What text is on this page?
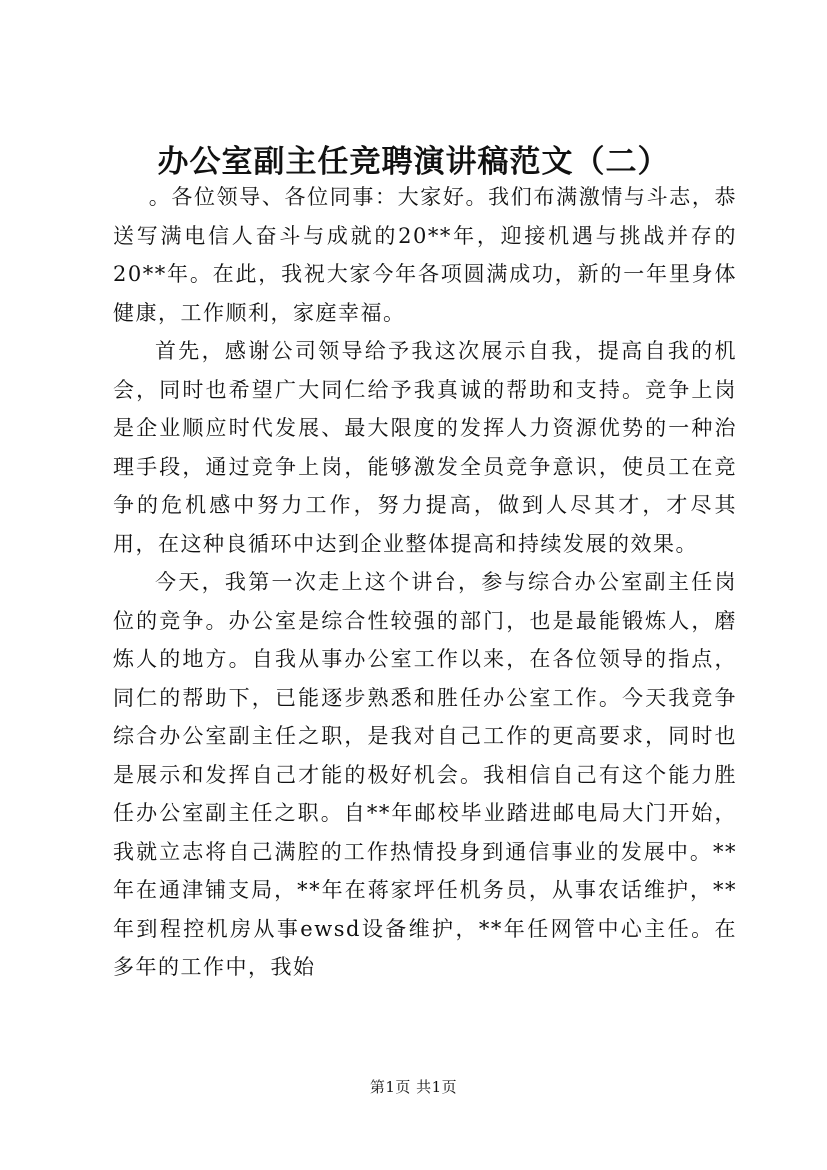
办公室副主任竞聘演讲稿范文（二）

。各位领导、各位同事：大家好。我们布满激情与斗志，恭送写满电信人奋斗与成就的20**年，迎接机遇与挑战并存的20**年。在此，我祝大家今年各项圆满成功，新的一年里身体健康，工作顺利，家庭幸福。

首先，感谢公司领导给予我这次展示自我，提高自我的机会，同时也希望广大同仁给予我真诚的帮助和支持。竞争上岗是企业顺应时代发展、最大限度的发挥人力资源优势的一种治理手段，通过竞争上岗，能够激发全员竞争意识，使员工在竞争的危机感中努力工作，努力提高，做到人尽其才，才尽其用，在这种良循环中达到企业整体提高和持续发展的效果。

今天，我第一次走上这个讲台，参与综合办公室副主任岗位的竞争。办公室是综合性较强的部门，也是最能锻炼人，磨炼人的地方。自我从事办公室工作以来，在各位领导的指点，同仁的帮助下，已能逐步熟悉和胜任办公室工作。今天我竞争综合办公室副主任之职，是我对自己工作的更高要求，同时也是展示和发挥自己才能的极好机会。我相信自己有这个能力胜任办公室副主任之职。自**年邮校毕业踏进邮电局大门开始，我就立志将自己满腔的工作热情投身到通信事业的发展中。**年在通津铺支局，**年在蒋家坪任机务员，从事农话维护，**年到程控机房从事ewsd设备维护，**年任网管中心主任。在多年的工作中，我始

第1页 共1页
